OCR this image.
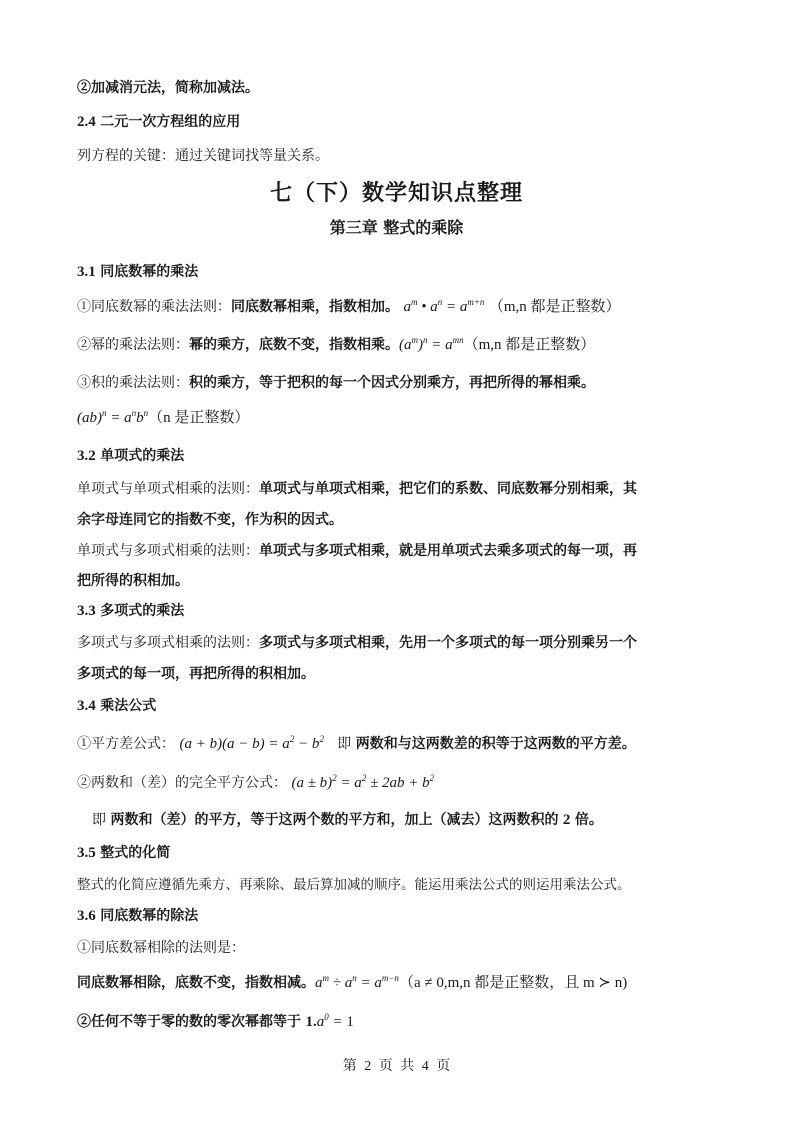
②加减消元法，简称加减法。
2.4 二元一次方程组的应用
列方程的关键：通过关键词找等量关系。
七（下）数学知识点整理
第三章 整式的乘除
3.1 同底数幂的乘法
①同底数幂的乘法法则：同底数幂相乘，指数相加。 $a^m$ • $a^n = a^{m+n}$ （m,n 都是正整数）
②幂的乘法法则：幂的乘方，底数不变，指数相乘。$(a^m)^n = a^{mn}(m,n$ 都是正整数）
③积的乘法法则：积的乘方，等于把积的每一个因式分别乘方，再把所得的幂相乘。
$(ab)^n = a^nb^n(n$ 是正整数）
3.2 单项式的乘法
单项式与单项式相乘的法则：单项式与单项式相乘，把它们的系数、同底数幂分别相乘，其
余字母连同它的指数不变，作为积的因式。
单项式与多项式相乘的法则：单项式与多项式相乘，就是用单项式去乘多项式的每一项，再
把所得的积相加。
3.3 多项式的乘法
多项式与多项式相乘的法则：多项式与多项式相乘，先用一个多项式的每一项分别乘另一个
多项式的每一项，再把所得的积相加。
3.4 乘法公式
①平方差公式： $(a + b)(a - b) = a^2 - b^2$ 即 两数和与这两数差的积等于这两数的平方差。
②两数和（差）的完全平方公式： $(a \pm b)^2 = a^2 \pm 2ab + b^2$
即 两数和（差）的平方，等于这两个数的平方和，加上（减去）这两数积的 2 倍。
3.5 整式的化简
整式的化简应遵循先乘方、再乘除、最后算加减的顺序。能运用乘法公式的则运用乘法公式。
3.6 同底数幂的除法
①同底数幂相除的法则是：
同底数幂相除，底数不变，指数相减。$a^m \div a^n = a^{m-n}(a \ne 0,m,n$ 都是正整数，且 m ≻ n)
②任何不等于零的数的零次幂都等于 $1.a^0 = 1$
第 2 页 共 4 页
